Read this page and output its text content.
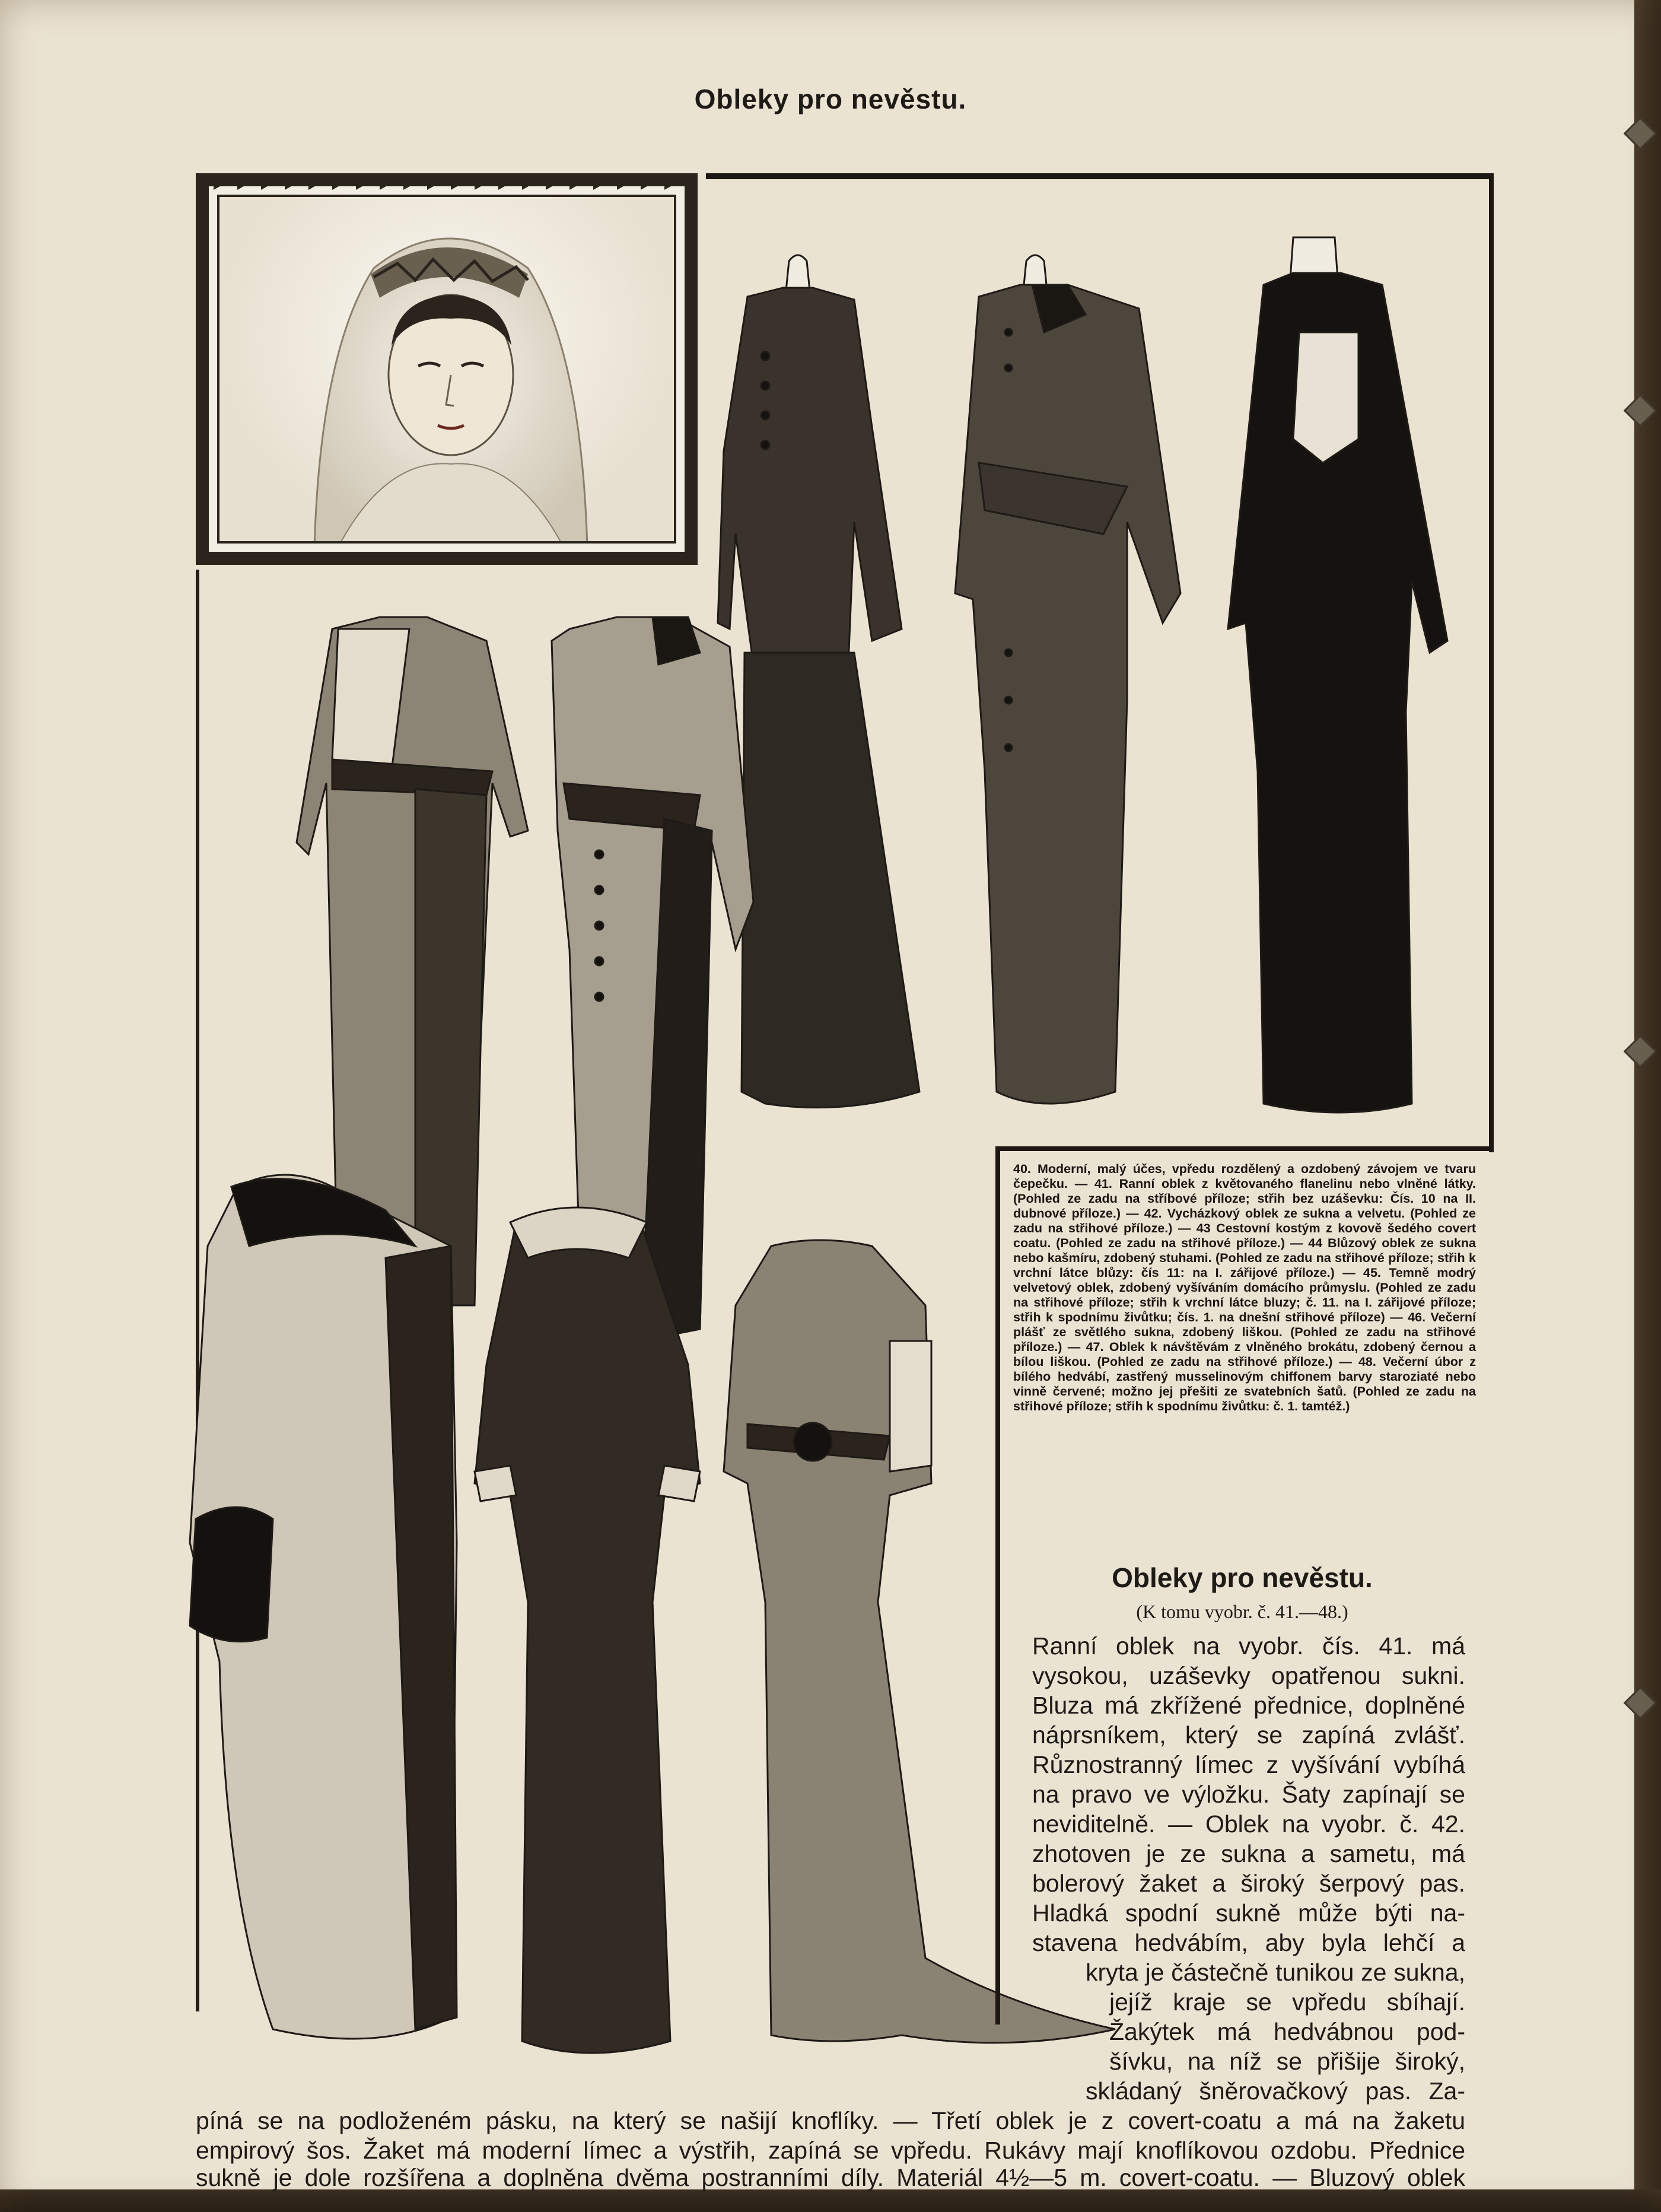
Obleky pro nevěstu.
40. Moderní, malý účes, vpředu rozdělený a ozdobený závojem ve tvaru čepečku. — 41. Ranní oblek z květovaného flanelinu nebo vlněné látky. (Pohled ze zadu na stříbové příloze; střih bez uzáševku: Čís. 10 na II. dubnové příloze.) — 42. Vycházkový oblek ze sukna a velvetu. (Pohled ze zadu na střihové příloze.) — 43 Cestovní kostým z kovově šedého covert coatu. (Pohled ze zadu na střihové příloze.) — 44 Blůzový oblek ze sukna nebo kašmíru, zdobený stuhami. (Pohled ze zadu na střihové příloze; střih k vrchní látce blůzy: čís 11: na I. zářijové příloze.) — 45. Temně modrý velvetový oblek, zdobený vyšíváním domácího průmyslu. (Pohled ze zadu na střihové příloze; střih k vrchní látce bluzy; č. 11. na I. zářijové příloze; střih k spodnímu živůtku; čís. 1. na dnešní střihové příloze) — 46. Večerní plášť ze světlého sukna, zdobený liškou. (Pohled ze zadu na střihové příloze.) — 47. Oblek k návštěvám z vlněného brokátu, zdobený černou a bílou liškou. (Pohled ze zadu na střihové příloze.) — 48. Večerní úbor z bílého hedvábí, zastřený musselinovým chiffonem barvy staroziaté nebo vinně červené; možno jej přešiti ze svatebních šatů. (Pohled ze zadu na střihové příloze; střih k spodnímu živůtku: č. 1. tamtéž.)
Obleky pro nevěstu.
(K tomu vyobr. č. 41.—48.)
Ranní oblek na vyobr. čís. 41. má
vysokou, uzáševky opatřenou sukni.
Bluza má zkřížené přednice, doplněné
náprsníkem, který se zapíná zvlášť.
Různostranný límec z vyšívání vybíhá
na pravo ve výložku. Šaty zapínají se
neviditelně. — Oblek na vyobr. č. 42.
zhotoven je ze sukna a sametu, má
bolerový žaket a široký šerpový pas.
Hladká spodní sukně může býti na-
stavena hedvábím, aby byla lehčí a
kryta je částečně tunikou ze sukna,
jejíž kraje se vpředu sbíhají.
Žakýtek má hedvábnou pod-
šívku, na níž se přišije široký,
skládaný šněrovačkový pas. Za-
píná se na podloženém pásku, na který se našijí knoflíky. — Třetí oblek je z covert-coatu a má na žaketu
empirový šos. Žaket má moderní límec a výstřih, zapíná se vpředu. Rukávy mají knoflíkovou ozdobu. Přednice
sukně je dole rozšířena a doplněna dvěma postranními díly. Materiál 4½—5 m. covert-coatu. — Bluzový oblek
